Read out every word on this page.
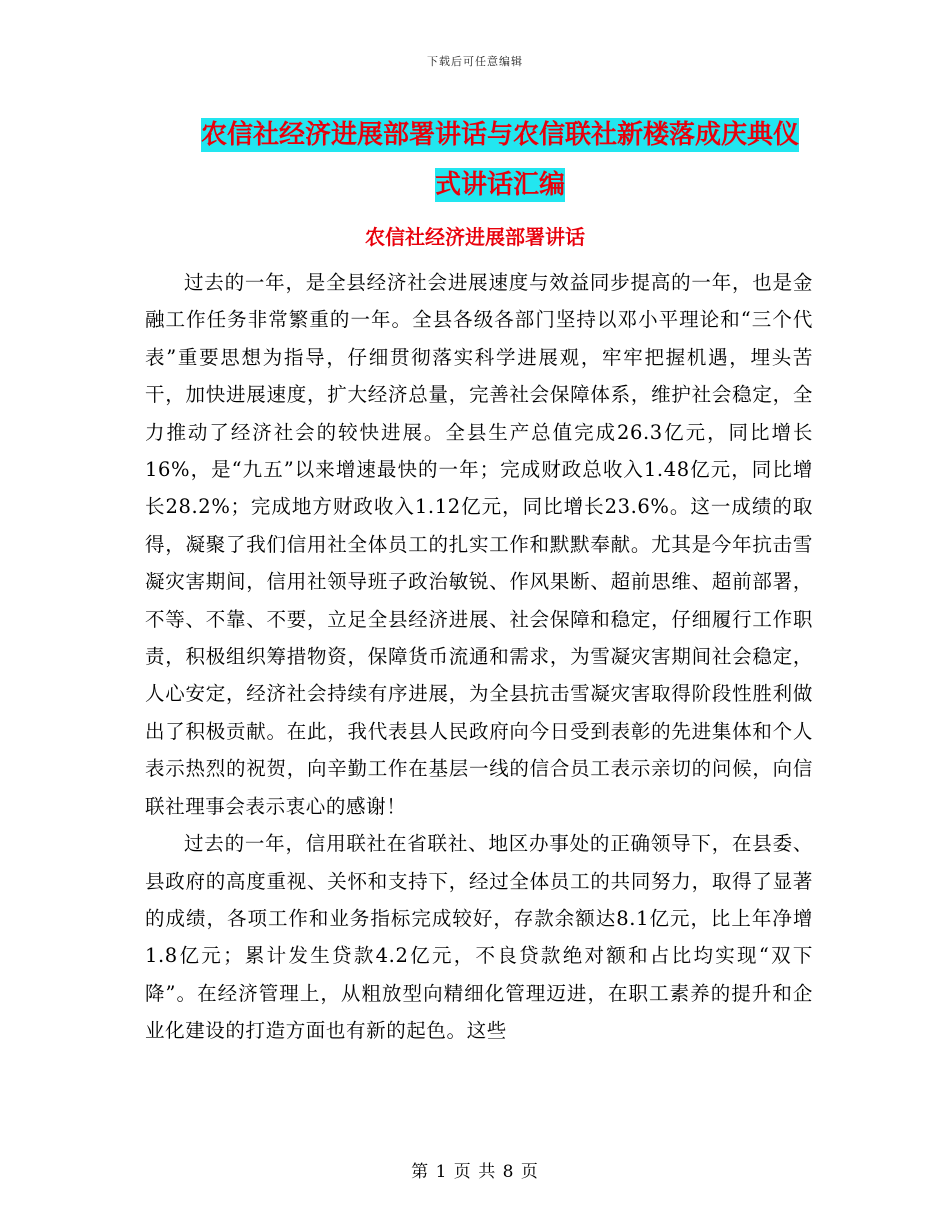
下载后可任意编辑
农信社经济进展部署讲话与农信联社新楼落成庆典仪
式讲话汇编
农信社经济进展部署讲话

过去的一年，是全县经济社会进展速度与效益同步提高的一年，也是金融工作任务非常繁重的一年。全县各级各部门坚持以邓小平理论和“三个代表”重要思想为指导，仔细贯彻落实科学进展观，牢牢把握机遇，埋头苦干，加快进展速度，扩大经济总量，完善社会保障体系，维护社会稳定，全力推动了经济社会的较快进展。全县生产总值完成26.3亿元，同比增长16%，是“九五”以来增速最快的一年；完成财政总收入1.48亿元，同比增长28.2%；完成地方财政收入1.12亿元，同比增长23.6%。这一成绩的取得，凝聚了我们信用社全体员工的扎实工作和默默奉献。尤其是今年抗击雪凝灾害期间，信用社领导班子政治敏锐、作风果断、超前思维、超前部署，不等、不靠、不要，立足全县经济进展、社会保障和稳定，仔细履行工作职责，积极组织筹措物资，保障货币流通和需求，为雪凝灾害期间社会稳定，人心安定，经济社会持续有序进展，为全县抗击雪凝灾害取得阶段性胜利做出了积极贡献。在此，我代表县人民政府向今日受到表彰的先进集体和个人表示热烈的祝贺，向辛勤工作在基层一线的信合员工表示亲切的问候，向信联社理事会表示衷心的感谢！

过去的一年，信用联社在省联社、地区办事处的正确领导下，在县委、县政府的高度重视、关怀和支持下，经过全体员工的共同努力，取得了显著的成绩，各项工作和业务指标完成较好，存款余额达8.1亿元，比上年净增1.8亿元；累计发生贷款4.2亿元，不良贷款绝对额和占比均实现“双下降”。在经济管理上，从粗放型向精细化管理迈进，在职工素养的提升和企业化建设的打造方面也有新的起色。这些

第 1 页 共 8 页
